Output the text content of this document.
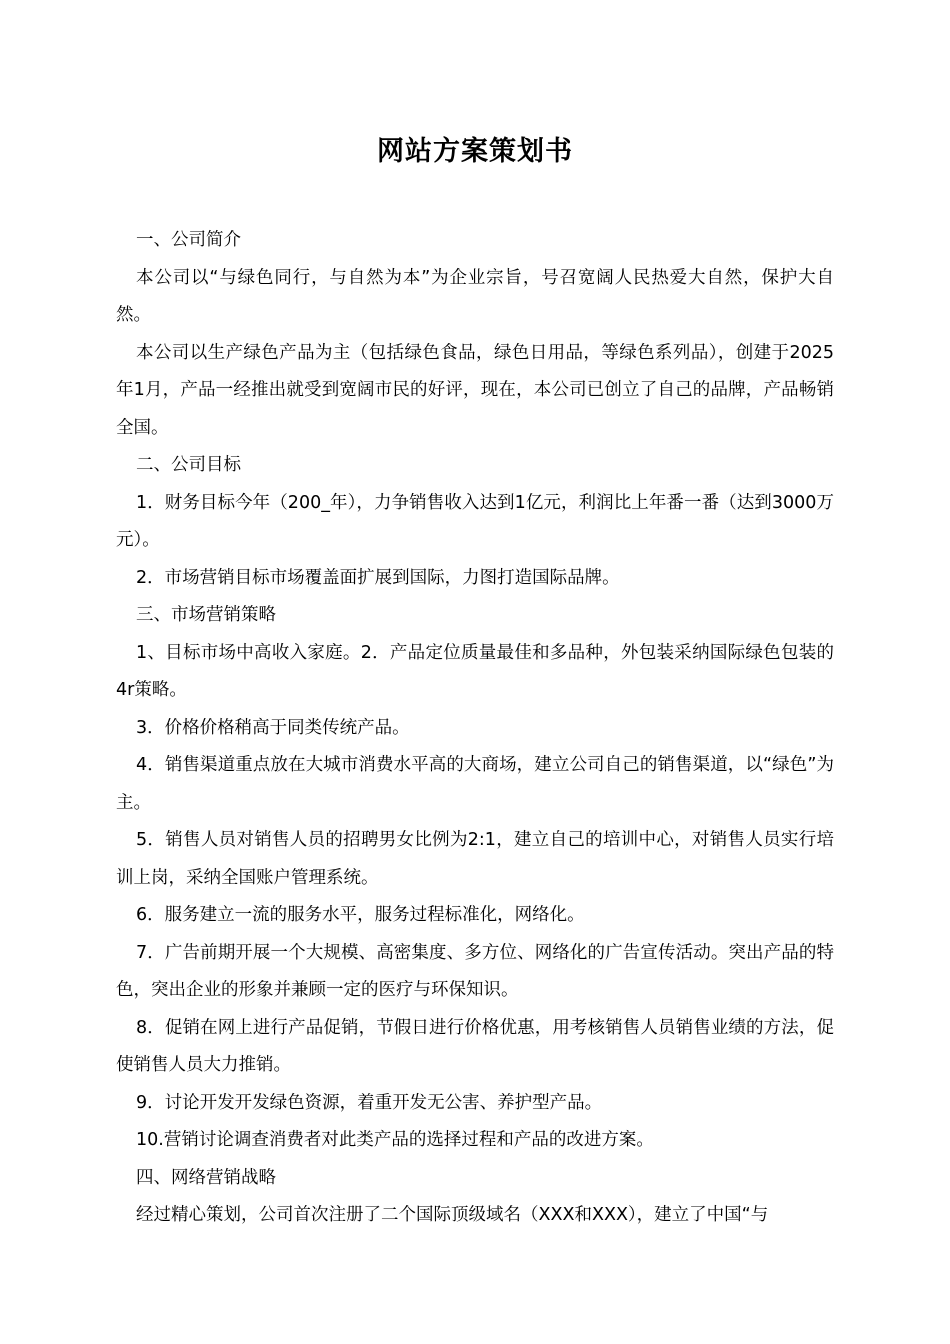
网站方案策划书

一、公司简介

本公司以“与绿色同行，与自然为本”为企业宗旨，号召宽阔人民热爱大自然，保护大自然。

本公司以生产绿色产品为主（包括绿色食品，绿色日用品，等绿色系列品），创建于2025年1月，产品一经推出就受到宽阔市民的好评，现在，本公司已创立了自己的品牌，产品畅销全国。

二、公司目标

1．财务目标今年（200_年），力争销售收入达到1亿元，利润比上年番一番（达到3000万元）。

2．市场营销目标市场覆盖面扩展到国际，力图打造国际品牌。

三、市场营销策略

1、目标市场中高收入家庭。2．产品定位质量最佳和多品种，外包装采纳国际绿色包装的4r策略。

3．价格价格稍高于同类传统产品。

4．销售渠道重点放在大城市消费水平高的大商场，建立公司自己的销售渠道，以“绿色”为主。

5．销售人员对销售人员的招聘男女比例为2:1，建立自己的培训中心，对销售人员实行培训上岗，采纳全国账户管理系统。

6．服务建立一流的服务水平，服务过程标准化，网络化。

7．广告前期开展一个大规模、高密集度、多方位、网络化的广告宣传活动。突出产品的特色，突出企业的形象并兼顾一定的医疗与环保知识。

8．促销在网上进行产品促销，节假日进行价格优惠，用考核销售人员销售业绩的方法，促使销售人员大力推销。

9．讨论开发开发绿色资源，着重开发无公害、养护型产品。

10.营销讨论调查消费者对此类产品的选择过程和产品的改进方案。

四、网络营销战略

经过精心策划，公司首次注册了二个国际顶级域名（XXX和XXX），建立了中国“与
